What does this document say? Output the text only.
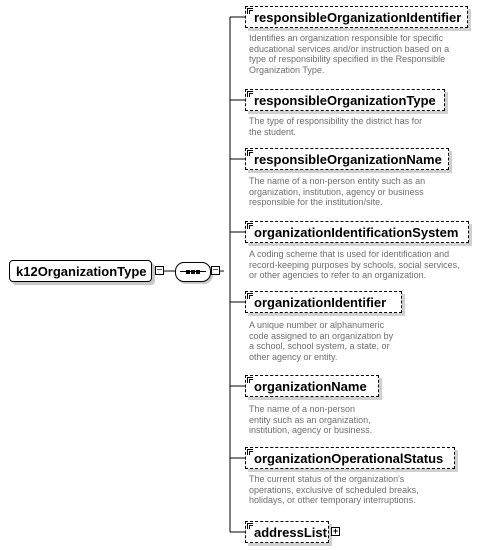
k12OrganizationType	−	−
responsibleOrganizationIdentifier
Identifies an organization responsible for specific
educational services and/or instruction based on a
type of responsibility specified in the Responsible
Organization Type.
responsibleOrganizationType
The type of responsibility the district has for
the student.
responsibleOrganizationName
The name of a non-person entity such as an
organization, institution, agency or business
responsible for the institution/site.
organizationIdentificationSystem
A coding scheme that is used for identification and
record-keeping purposes by schools, social services,
or other agencies to refer to an organization.
organizationIdentifier
A unique number or alphanumeric
code assigned to an organization by
a school, school system, a state, or
other agency or entity.
organizationName
The name of a non-person
entity such as an organization,
institution, agency or business.
organizationOperationalStatus
The current status of the organization's
operations, exclusive of scheduled breaks,
holidays, or other temporary interruptions.
addressList +
